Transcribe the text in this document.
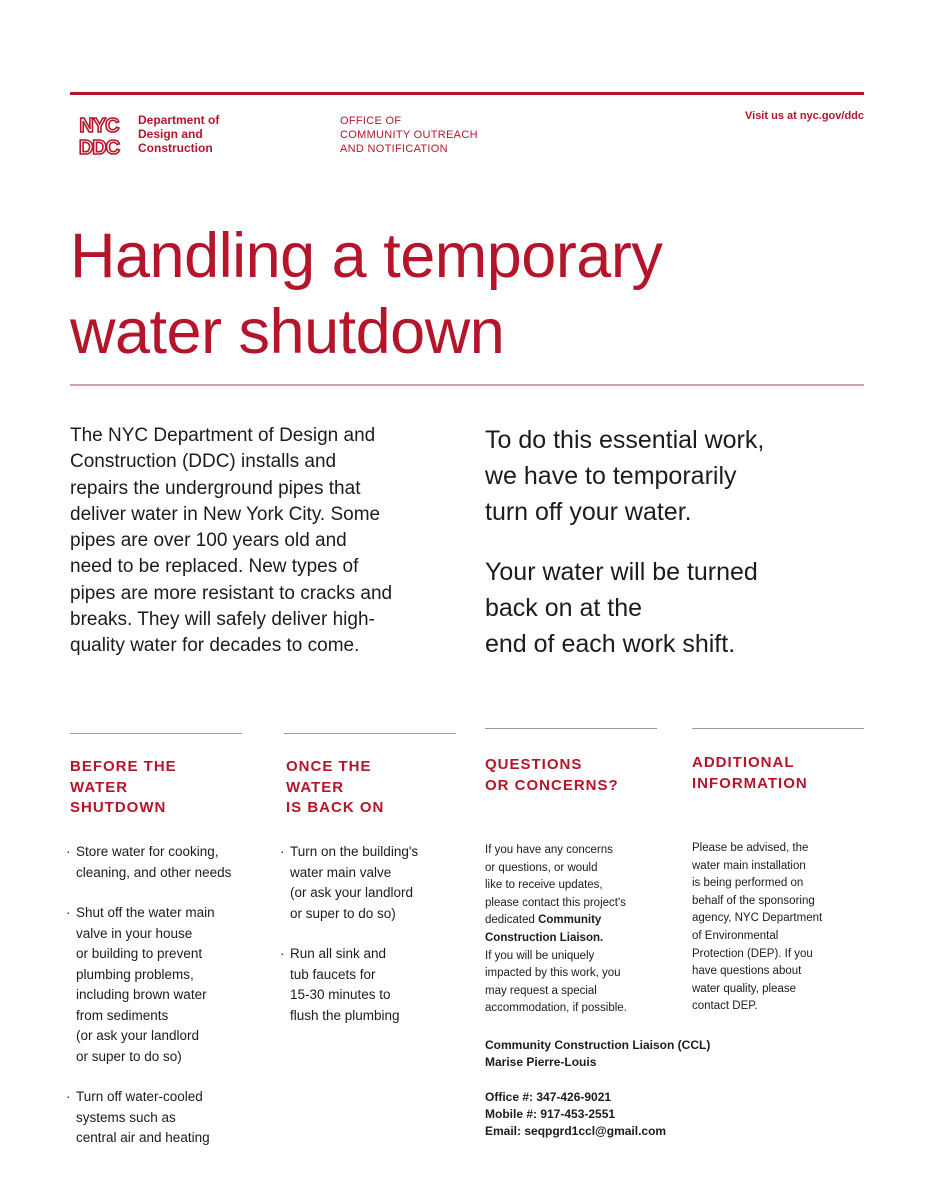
NYC
DDC
Department of
Design and
Construction
OFFICE OF
COMMUNITY OUTREACH
AND NOTIFICATION
Visit us at nyc.gov/ddc
Handling a temporary
water shutdown
The NYC Department of Design and
Construction (DDC) installs and
repairs the underground pipes that
deliver water in New York City. Some
pipes are over 100 years old and
need to be replaced. New types of
pipes are more resistant to cracks and
breaks. They will safely deliver high-
quality water for decades to come.
To do this essential work,
we have to temporarily
turn off your water.
Your water will be turned
back on at the
end of each work shift.
BEFORE THE
WATER
SHUTDOWN
· Store water for cooking,
cleaning, and other needs
· Shut off the water main
valve in your house
or building to prevent
plumbing problems,
including brown water
from sediments
(or ask your landlord
or super to do so)
· Turn off water-cooled
systems such as
central air and heating
ONCE THE
WATER
IS BACK ON
· Turn on the building's
water main valve
(or ask your landlord
or super to do so)
· Run all sink and
tub faucets for
15-30 minutes to
flush the plumbing
QUESTIONS
OR CONCERNS?
If you have any concerns
or questions, or would
like to receive updates,
please contact this project's
dedicated Community
Construction Liaison.
If you will be uniquely
impacted by this work, you
may request a special
accommodation, if possible.
Community Construction Liaison (CCL)
Marise Pierre-Louis
Office #: 347-426-9021
Mobile #: 917-453-2551
Email: seqpgrd1ccl@gmail.com
ADDITIONAL
INFORMATION
Please be advised, the
water main installation
is being performed on
behalf of the sponsoring
agency, NYC Department
of Environmental
Protection (DEP). If you
have questions about
water quality, please
contact DEP.
